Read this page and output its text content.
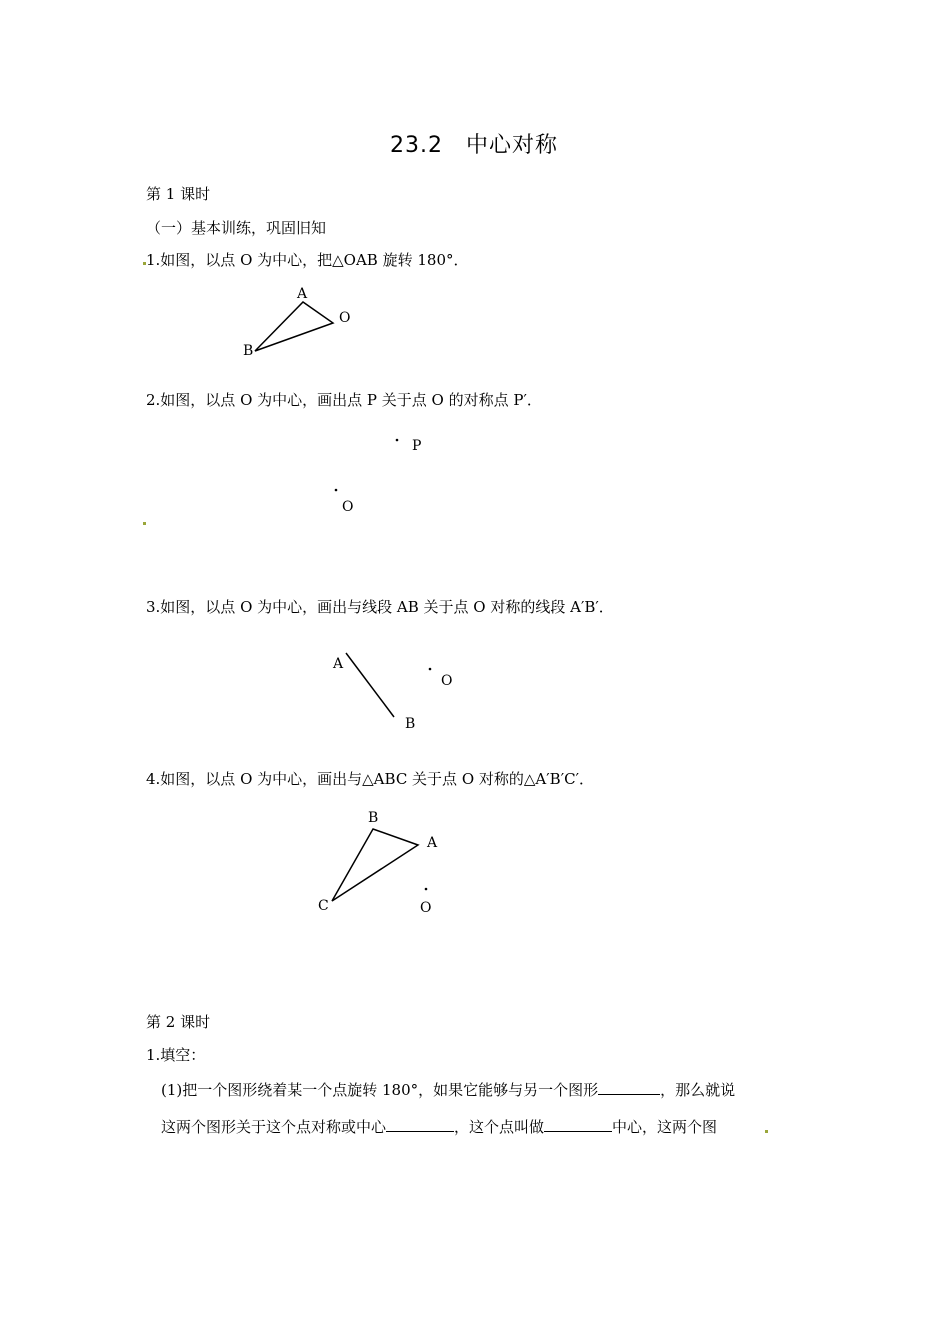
23.2　中心对称
第 1 课时
（一）基本训练，巩固旧知
1.如图，以点 O 为中心，把△OAB 旋转 180°．
A
O
B
2.如图，以点 O 为中心，画出点 P 关于点 O 的对称点 P′．
P
O
3.如图，以点 O 为中心，画出与线段 AB 关于点 O 对称的线段 A′B′．
A
O
B
4.如图，以点 O 为中心，画出与△ABC 关于点 O 对称的△A′B′C′．
B
A
C	O
第 2 课时
1.填空：
(1)把一个图形绕着某一个点旋转 180°，如果它能够与另一个图形	，那么就说
这两个图形关于这个点对称或中心	，这个点叫做	中心，这两个图
